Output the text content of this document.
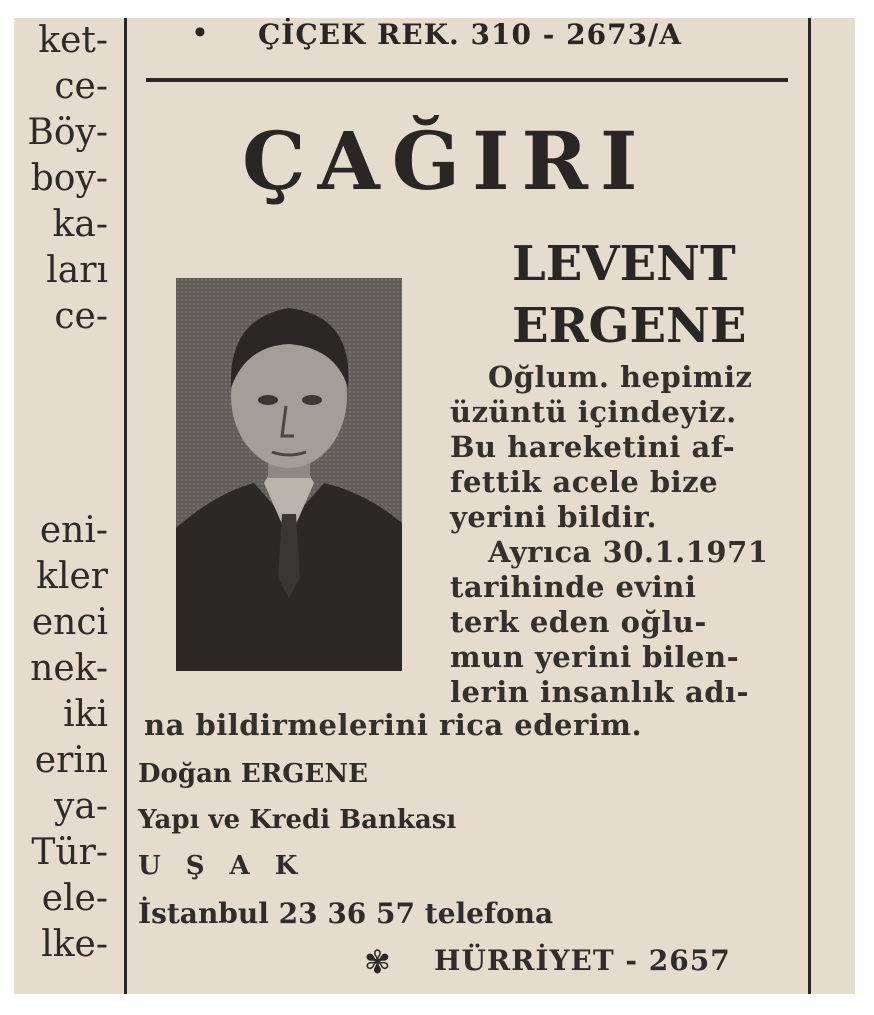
ket-
ce-
Böy-
boy-
ka-
ları
ce-
eni-
kler
enci
nek-
iki
erin
ya-
Tür-
ele-
lke-
• ÇİÇEK REK. 310 - 2673/A
ÇAĞIRI
LEVENT
ERGENE
Oğlum. hepimiz
üzüntü içindeyiz.
Bu hareketini af-
fettik acele bize
yerini bildir.
Ayrıca 30.1.1971
tarihinde evini
terk eden oğlu-
mun yerini bilen-
lerin insanlık adı-
na bildirmelerini rica ederim.
Doğan ERGENE
Yapı ve Kredi Bankası
U Ş A K
İstanbul 23 36 57 telefona
✾ HÜRRİYET - 2657
